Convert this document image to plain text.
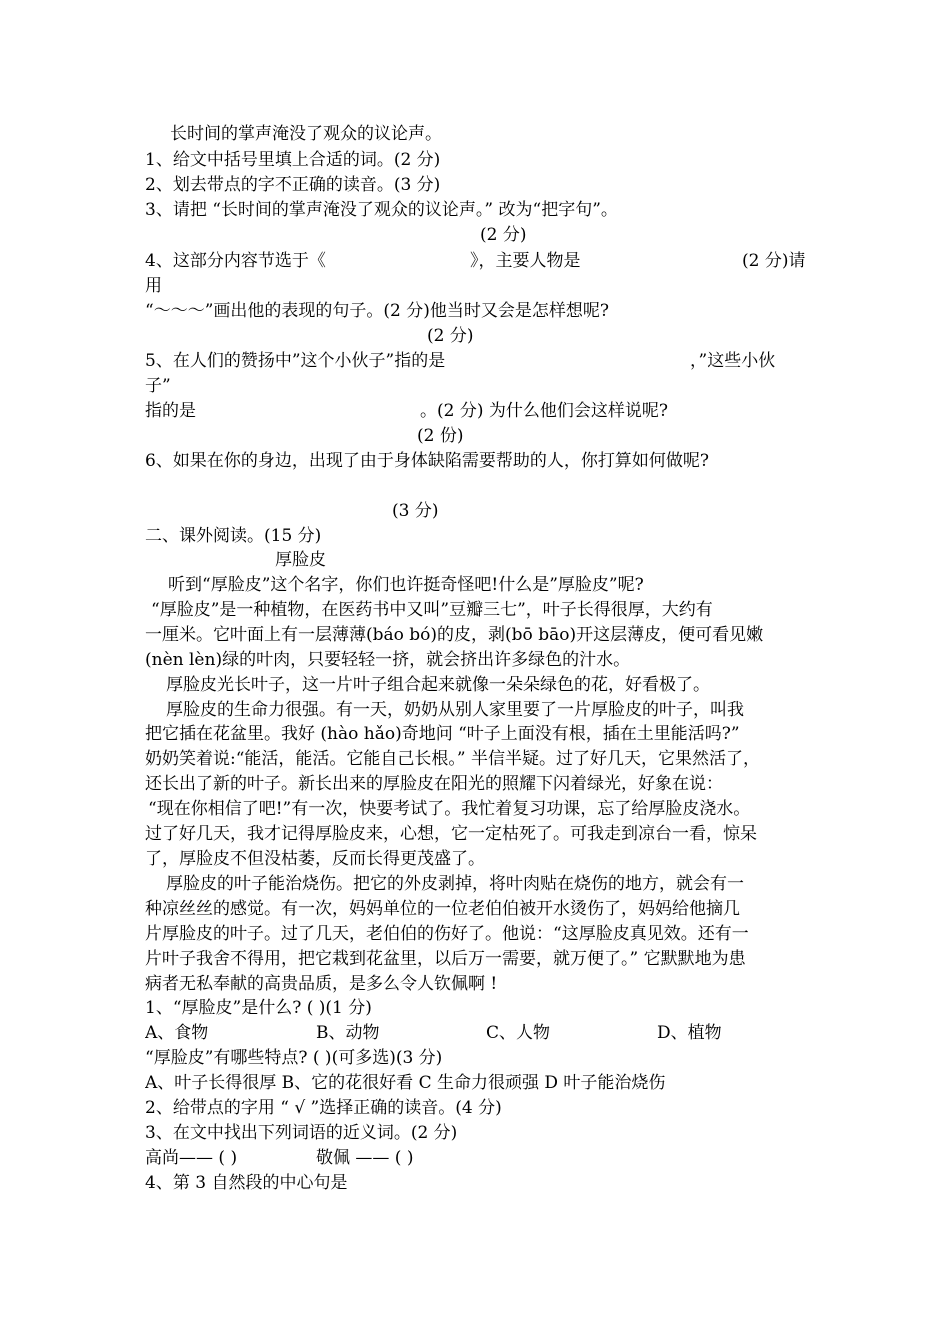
长时间的掌声淹没了观众的议论声。
1、给文中括号里填上合适的词。(2 分)
2、划去带点的字不正确的读音。(3 分)
3、请把 “长时间的掌声淹没了观众的议论声。” 改为“把字句”。
(2 分)
4、这部分内容节选于《	》，主要人物是	(2 分)请
用
“～～～”画出他的表现的句子。(2 分)他当时又会是怎样想呢?
(2 分)
5、在人们的赞扬中”这个小伙子”指的是	，”这些小伙
子”
指的是	。(2 分) 为什么他们会这样说呢?
(2 份)
6、如果在你的身边，出现了由于身体缺陷需要帮助的人，你打算如何做呢?
(3 分)
二、课外阅读。(15 分)
厚脸皮
听到“厚脸皮”这个名字，你们也许挺奇怪吧!什么是”厚脸皮”呢?
“厚脸皮”是一种植物，在医药书中又叫”豆瓣三七”，叶子长得很厚，大约有
一厘米。它叶面上有一层薄薄(báo bó)的皮，剥(bō bāo)开这层薄皮，便可看见嫩
(nèn lèn)绿的叶肉，只要轻轻一挤，就会挤出许多绿色的汁水。
厚脸皮光长叶子，这一片叶子组合起来就像一朵朵绿色的花，好看极了。
厚脸皮的生命力很强。有一天，奶奶从别人家里要了一片厚脸皮的叶子，叫我
把它插在花盆里。我好 (hào hǎo)奇地问 “叶子上面没有根，插在土里能活吗?”
奶奶笑着说:“能活，能活。它能自己长根。” 半信半疑。过了好几天，它果然活了，
还长出了新的叶子。新长出来的厚脸皮在阳光的照耀下闪着绿光，好象在说：
“现在你相信了吧!”有一次，快要考试了。我忙着复习功课，忘了给厚脸皮浇水。
过了好几天，我才记得厚脸皮来，心想，它一定枯死了。可我走到凉台一看，惊呆
了，厚脸皮不但没枯萎，反而长得更茂盛了。
厚脸皮的叶子能治烧伤。把它的外皮剥掉，将叶肉贴在烧伤的地方，就会有一
种凉丝丝的感觉。有一次，妈妈单位的一位老伯伯被开水烫伤了，妈妈给他摘几
片厚脸皮的叶子。过了几天，老伯伯的伤好了。他说：“这厚脸皮真见效。还有一
片叶子我舍不得用，把它栽到花盆里，以后万一需要，就万便了。” 它默默地为患
病者无私奉献的高贵品质，是多么令人钦佩啊 !
1、“厚脸皮”是什么? ( )(1 分)
A、食物	B、动物	C、人物	D、植物
“厚脸皮”有哪些特点? ( )(可多选)(3 分)
A、叶子长得很厚 B、它的花很好看 C 生命力很顽强 D 叶子能治烧伤
2、给带点的字用 “ √ ”选择正确的读音。(4 分)
3、在文中找出下列词语的近义词。(2 分)
高尚—— ( )	敬佩 —— ( )
4、第 3 自然段的中心句是
